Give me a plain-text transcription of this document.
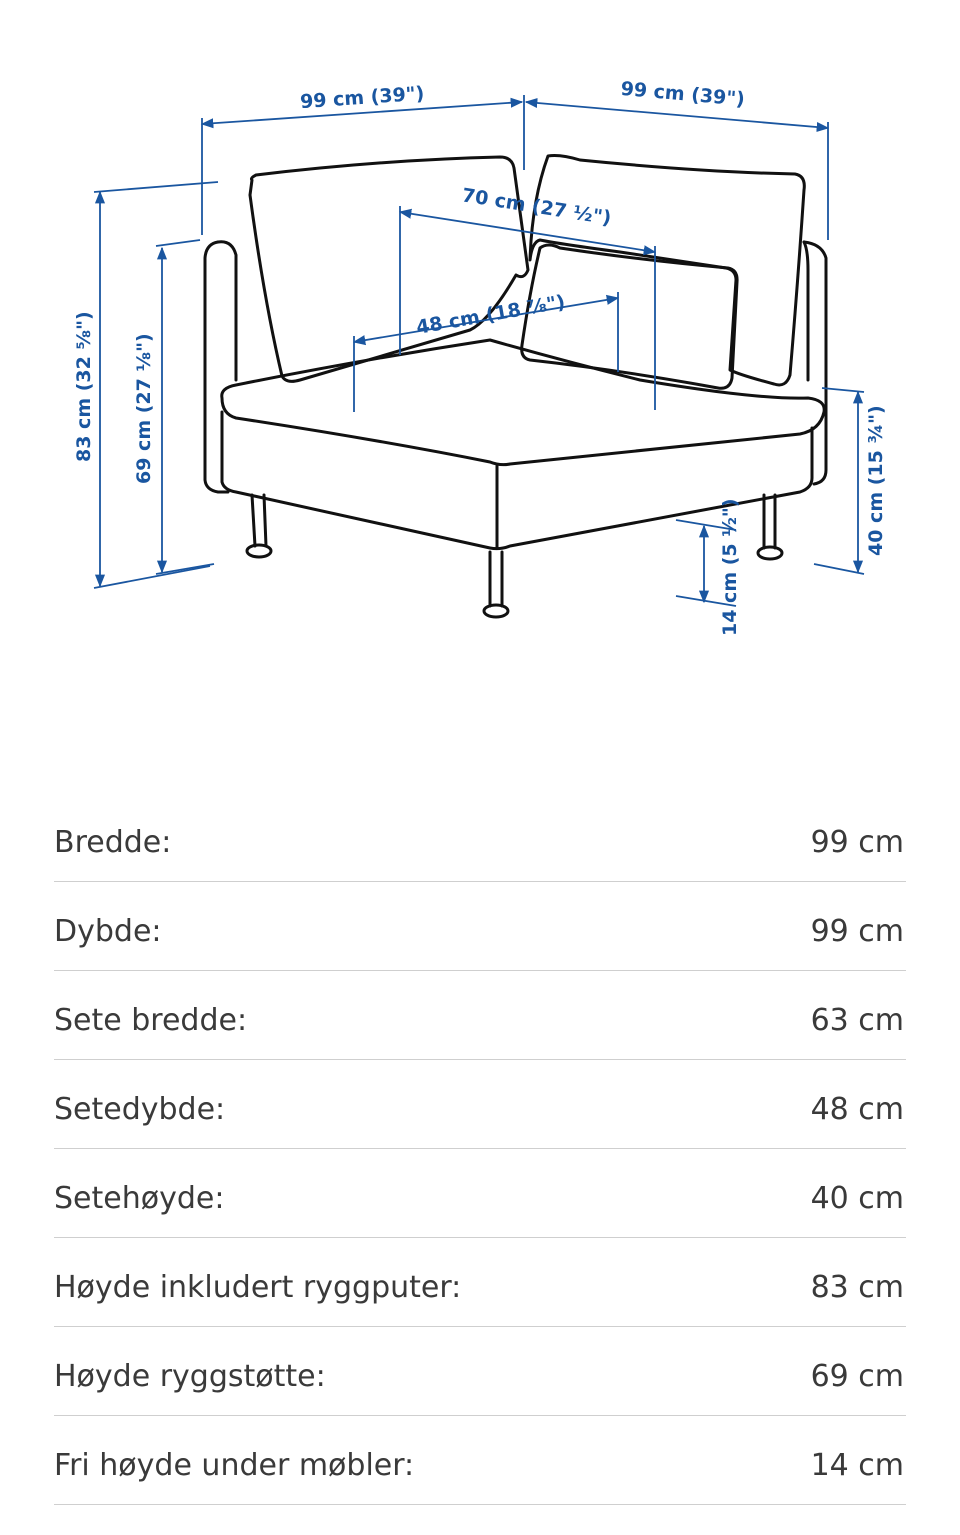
99 cm (39")	99 cm (39")
70 cm (27 ½")
48 cm (18 ⅞")
83 cm (32 ⅝") 69 cm (27 ⅛")
14 cm (5 ½")
40 cm (15 ¾")
Bredde:	99 cm
Dybde:	99 cm
Sete bredde:	63 cm
Setedybde:	48 cm
Setehøyde:	40 cm
Høyde inkludert ryggputer:	83 cm
Høyde ryggstøtte:	69 cm
Fri høyde under møbler:	14 cm
